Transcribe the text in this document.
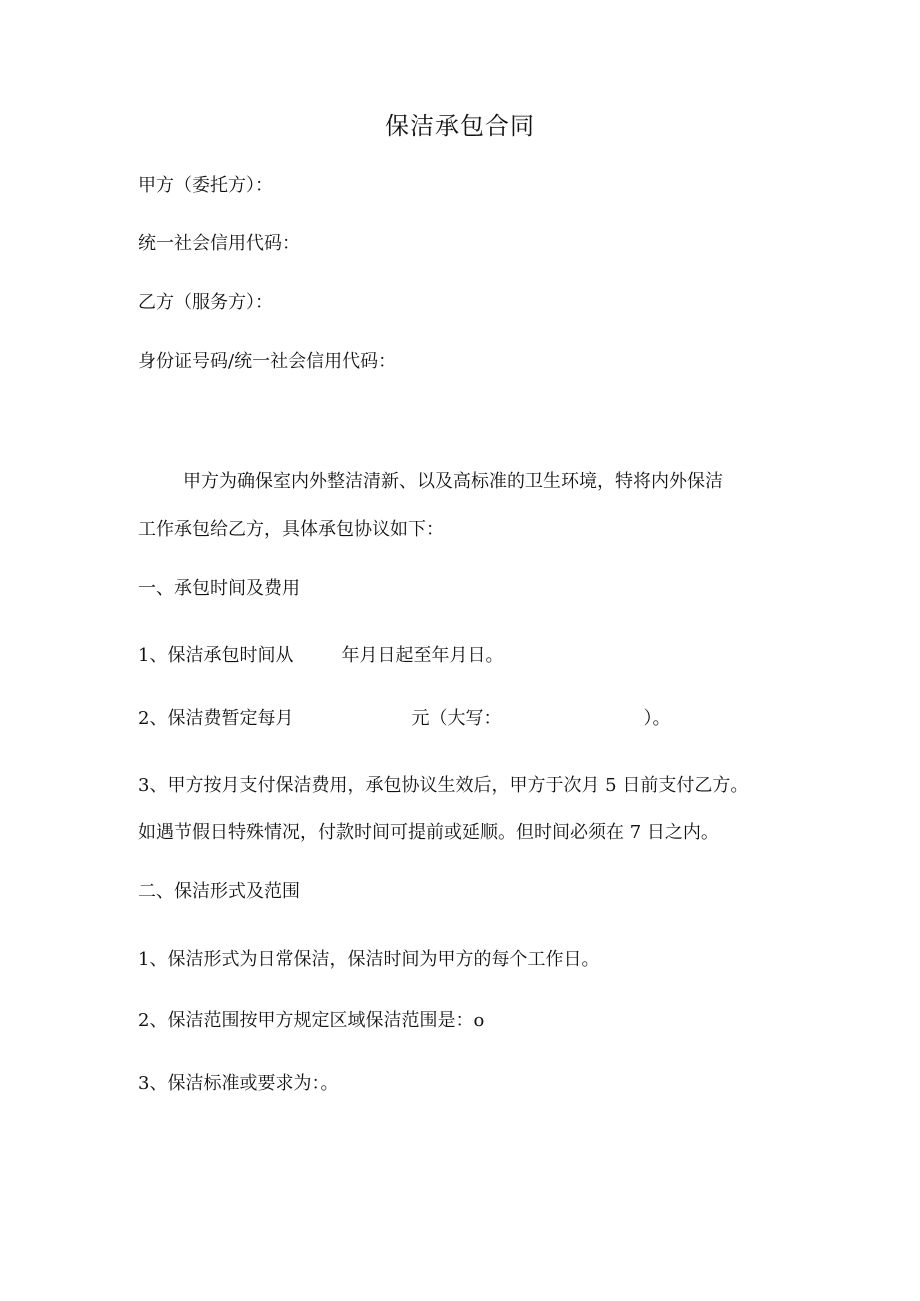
保洁承包合同
甲方（委托方）：
统一社会信用代码：
乙方（服务方）：
身份证号码/统一社会信用代码：
甲方为确保室内外整洁清新、以及高标准的卫生环境，特将内外保洁
工作承包给乙方，具体承包协议如下：
一、承包时间及费用
1、保洁承包时间从	年月日起至年月日。
2、保洁费暂定每月	元（大写：	）。
3、甲方按月支付保洁费用，承包协议生效后，甲方于次月 5 日前支付乙方。
如遇节假日特殊情况，付款时间可提前或延顺。但时间必须在 7 日之内。
二、保洁形式及范围
1、保洁形式为日常保洁，保洁时间为甲方的每个工作日。
2、保洁范围按甲方规定区域保洁范围是：o
3、保洁标准或要求为：。
